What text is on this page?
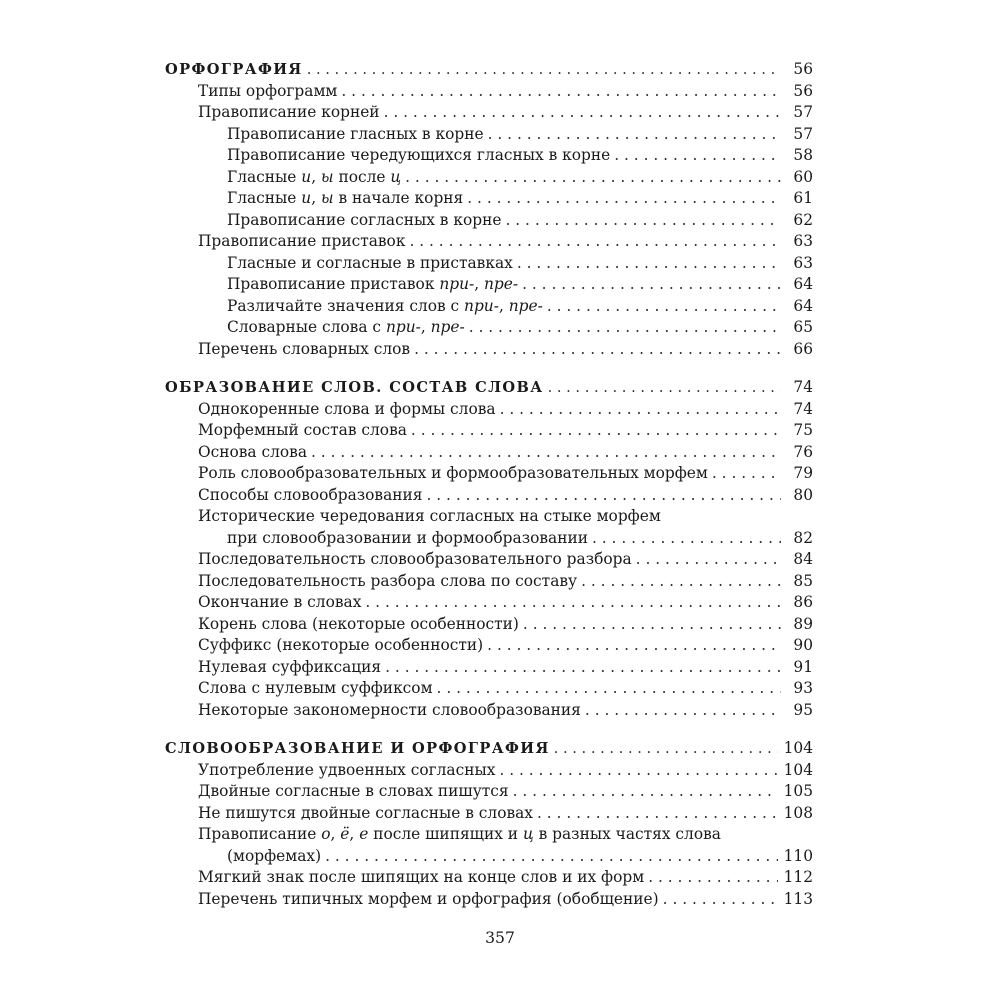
ОРФОГРАФИЯ . . .	56
Типы орфограмм . . .	56
Правописание корней . . .	57
Правописание гласных в корне . . .	57
Правописание чередующихся гласных в корне . . .	58
Гласные и, ы после ц . . .	60
Гласные и, ы в начале корня . . .	61
Правописание согласных в корне . . .	62
Правописание приставок . . .	63
Гласные и согласные в приставках . . .	63
Правописание приставок при-, пре- . . .	64
Различайте значения слов с при-, пре- . . .	64
Словарные слова с при-, пре- . . .	65
Перечень словарных слов . . .	66
ОБРАЗОВАНИЕ СЛОВ. СОСТАВ СЛОВА . . .	74
Однокоренные слова и формы слова . . .	74
Морфемный состав слова . . .	75
Основа слова . . .	76
Роль словообразовательных и формообразовательных морфем . . .	79
Способы словообразования . . .	80
Исторические чередования согласных на стыке морфем
при словообразовании и формообразовании . . .	82
Последовательность словообразовательного разбора . . .	84
Последовательность разбора слова по составу . . .	85
Окончание в словах . . .	86
Корень слова (некоторые особенности) . . .	89
Суффикс (некоторые особенности) . . .	90
Нулевая суффиксация . . .	91
Слова с нулевым суффиксом . . .	93
Некоторые закономерности словообразования . . .	95
СЛОВООБРАЗОВАНИЕ И ОРФОГРАФИЯ . . .	104
Употребление удвоенных согласных . . .	104
Двойные согласные в словах пишутся . . .	105
Не пишутся двойные согласные в словах . . .	108
Правописание о, ё, е после шипящих и ц в разных частях слова
(морфемах) . . .	110
Мягкий знак после шипящих на конце слов и их форм . . .	112
Перечень типичных морфем и орфография (обобщение) . . .	113
357
